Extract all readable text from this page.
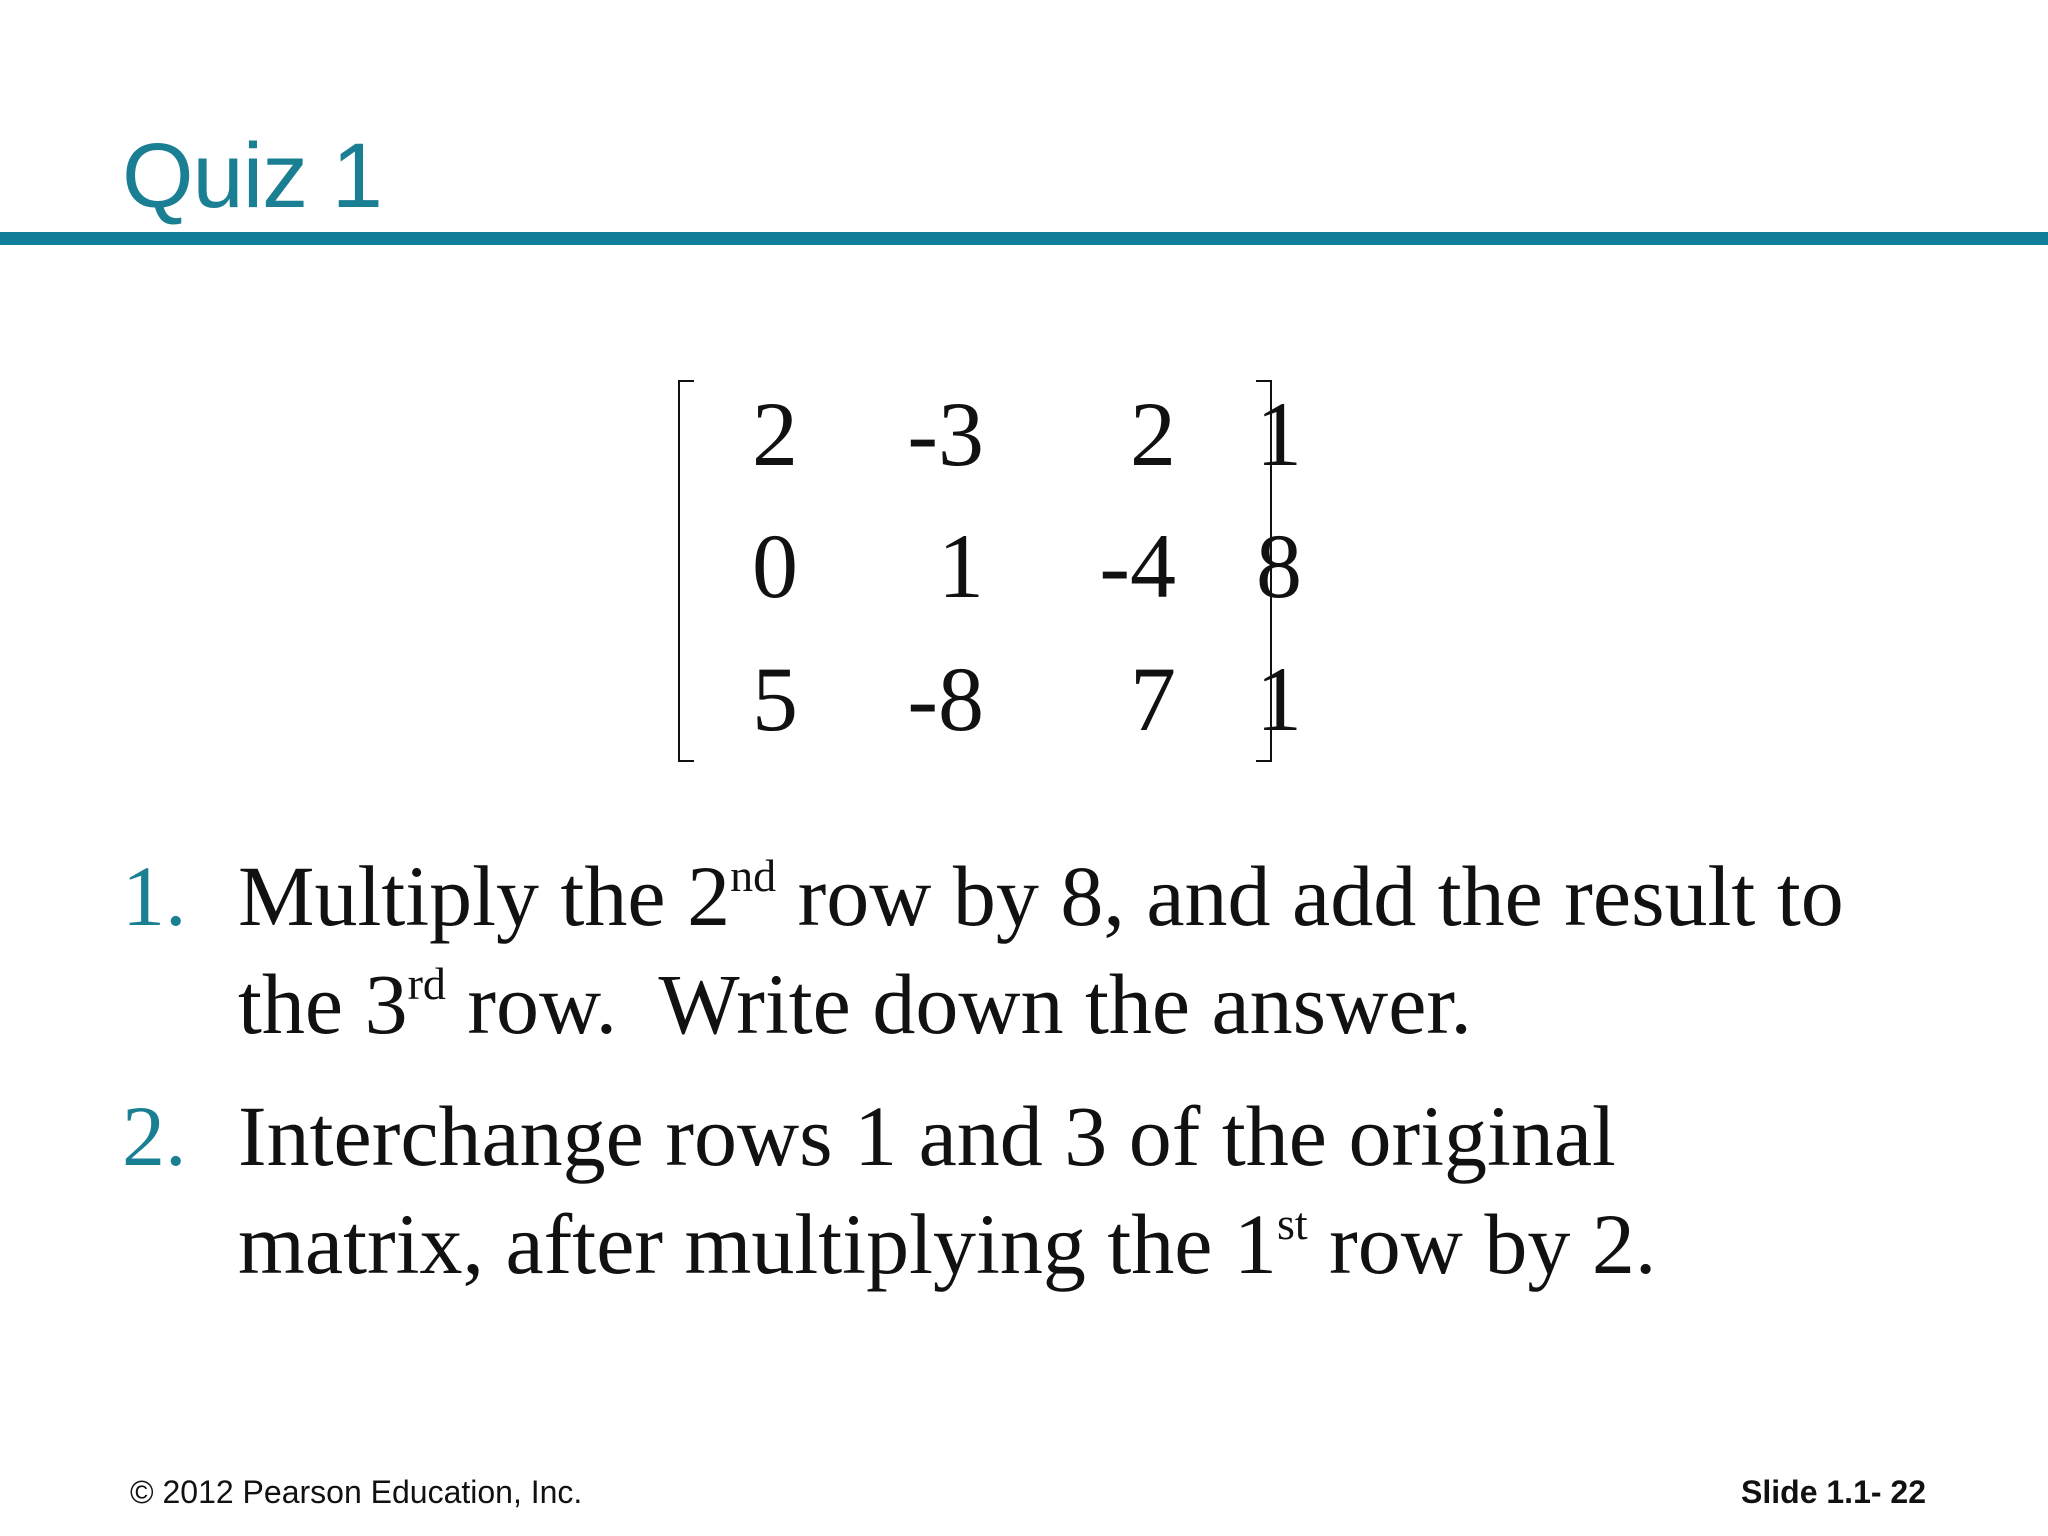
Quiz 1
2	-3	2 1
0	1	-4 8
5	-8	7 1
1. Multiply the 2nd row by 8, and add the result to
the 3rd row.  Write down the answer.
2. Interchange rows 1 and 3 of the original
matrix, after multiplying the 1st row by 2.
© 2012 Pearson Education, Inc.	Slide 1.1- 22
